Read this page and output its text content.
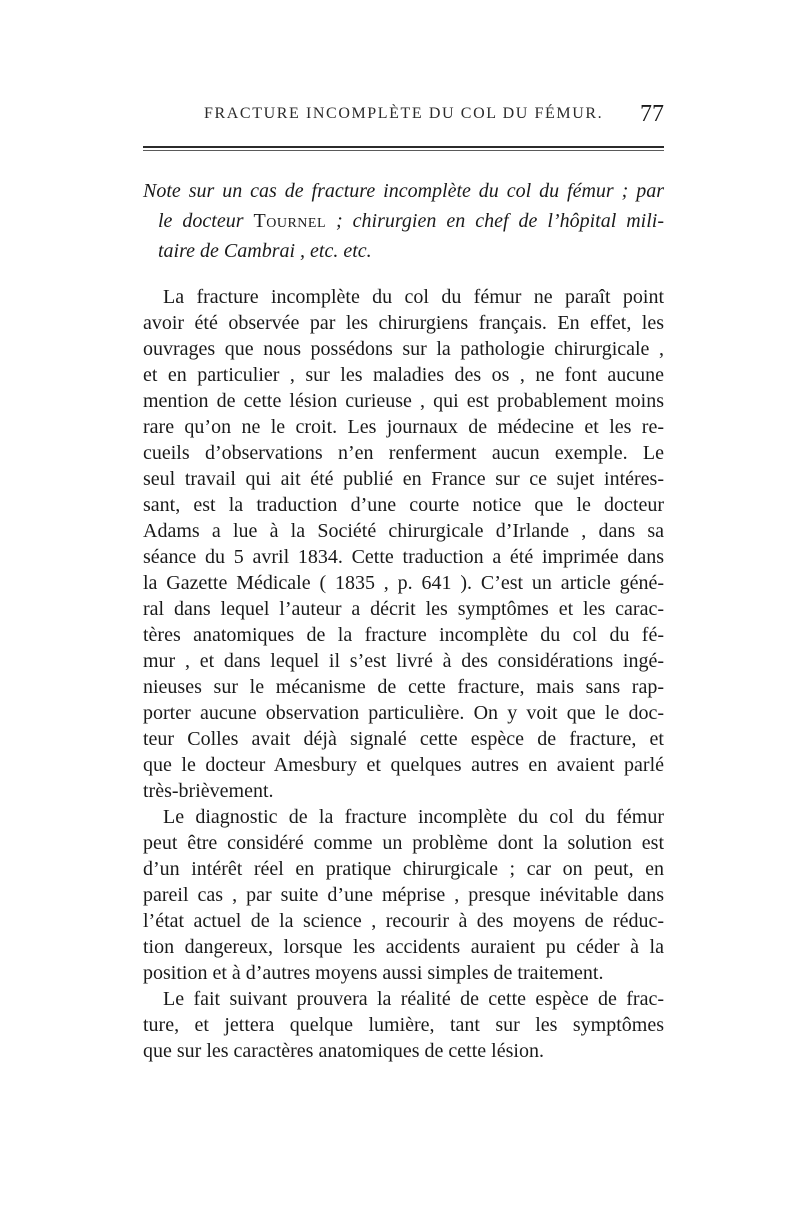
FRACTURE INCOMPLÈTE DU COL DU FÉMUR. 77
Note sur un cas de fracture incomplète du col du fémur ; par
le docteur Tournel ; chirurgien en chef de l’hôpital mili-
taire de Cambrai , etc. etc.
La fracture incomplète du col du fémur ne paraît point
avoir été observée par les chirurgiens français. En effet, les
ouvrages que nous possédons sur la pathologie chirurgicale ,
et en particulier , sur les maladies des os , ne font aucune
mention de cette lésion curieuse , qui est probablement moins
rare qu’on ne le croit. Les journaux de médecine et les re-
cueils d’observations n’en renferment aucun exemple. Le
seul travail qui ait été publié en France sur ce sujet intéres-
sant, est la traduction d’une courte notice que le docteur
Adams a lue à la Société chirurgicale d’Irlande , dans sa
séance du 5 avril 1834. Cette traduction a été imprimée dans
la Gazette Médicale ( 1835 , p. 641 ). C’est un article géné-
ral dans lequel l’auteur a décrit les symptômes et les carac-
tères anatomiques de la fracture incomplète du col du fé-
mur , et dans lequel il s’est livré à des considérations ingé-
nieuses sur le mécanisme de cette fracture, mais sans rap-
porter aucune observation particulière. On y voit que le doc-
teur Colles avait déjà signalé cette espèce de fracture, et
que le docteur Amesbury et quelques autres en avaient parlé
très-brièvement.
Le diagnostic de la fracture incomplète du col du fémur
peut être considéré comme un problème dont la solution est
d’un intérêt réel en pratique chirurgicale ; car on peut, en
pareil cas , par suite d’une méprise , presque inévitable dans
l’état actuel de la science , recourir à des moyens de réduc-
tion dangereux, lorsque les accidents auraient pu céder à la
position et à d’autres moyens aussi simples de traitement.
Le fait suivant prouvera la réalité de cette espèce de frac-
ture, et jettera quelque lumière, tant sur les symptômes
que sur les caractères anatomiques de cette lésion.
